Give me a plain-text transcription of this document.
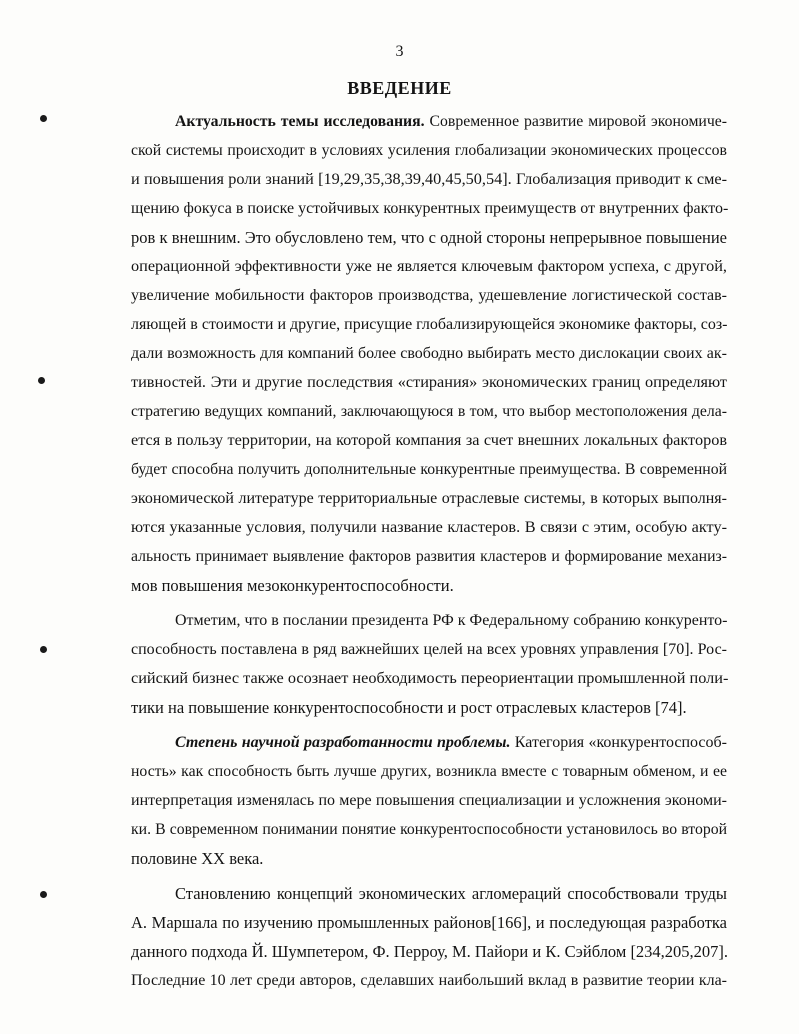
3
ВВЕДЕНИЕ
Актуальность темы исследования. Современное развитие мировой экономиче-
ской системы происходит в условиях усиления глобализации экономических процессов
и повышения роли знаний [19,29,35,38,39,40,45,50,54]. Глобализация приводит к сме-
щению фокуса в поиске устойчивых конкурентных преимуществ от внутренних факто-
ров к внешним. Это обусловлено тем, что с одной стороны непрерывное повышение
операционной эффективности уже не является ключевым фактором успеха, с другой,
увеличение мобильности факторов производства, удешевление логистической состав-
ляющей в стоимости и другие, присущие глобализирующейся экономике факторы, соз-
дали возможность для компаний более свободно выбирать место дислокации своих ак-
тивностей. Эти и другие последствия «стирания» экономических границ определяют
стратегию ведущих компаний, заключающуюся в том, что выбор местоположения дела-
ется в пользу территории, на которой компания за счет внешних локальных факторов
будет способна получить дополнительные конкурентные преимущества. В современной
экономической литературе территориальные отраслевые системы, в которых выполня-
ются указанные условия, получили название кластеров. В связи с этим, особую акту-
альность принимает выявление факторов развития кластеров и формирование механиз-
мов повышения мезоконкурентоспособности.
Отметим, что в послании президента РФ к Федеральному собранию конкуренто-
способность поставлена в ряд важнейших целей на всех уровнях управления [70]. Рос-
сийский бизнес также осознает необходимость переориентации промышленной поли-
тики на повышение конкурентоспособности и рост отраслевых кластеров [74].
Степень научной разработанности проблемы. Категория «конкурентоспособ-
ность» как способность быть лучше других, возникла вместе с товарным обменом, и ее
интерпретация изменялась по мере повышения специализации и усложнения экономи-
ки. В современном понимании понятие конкурентоспособности установилось во второй
половине XX века.
Становлению концепций экономических агломераций способствовали труды
А. Маршала по изучению промышленных районов[166], и последующая разработка
данного подхода Й. Шумпетером, Ф. Перроу, М. Пайори и К. Сэйблом [234,205,207].
Последние 10 лет среди авторов, сделавших наибольший вклад в развитие теории кла-
